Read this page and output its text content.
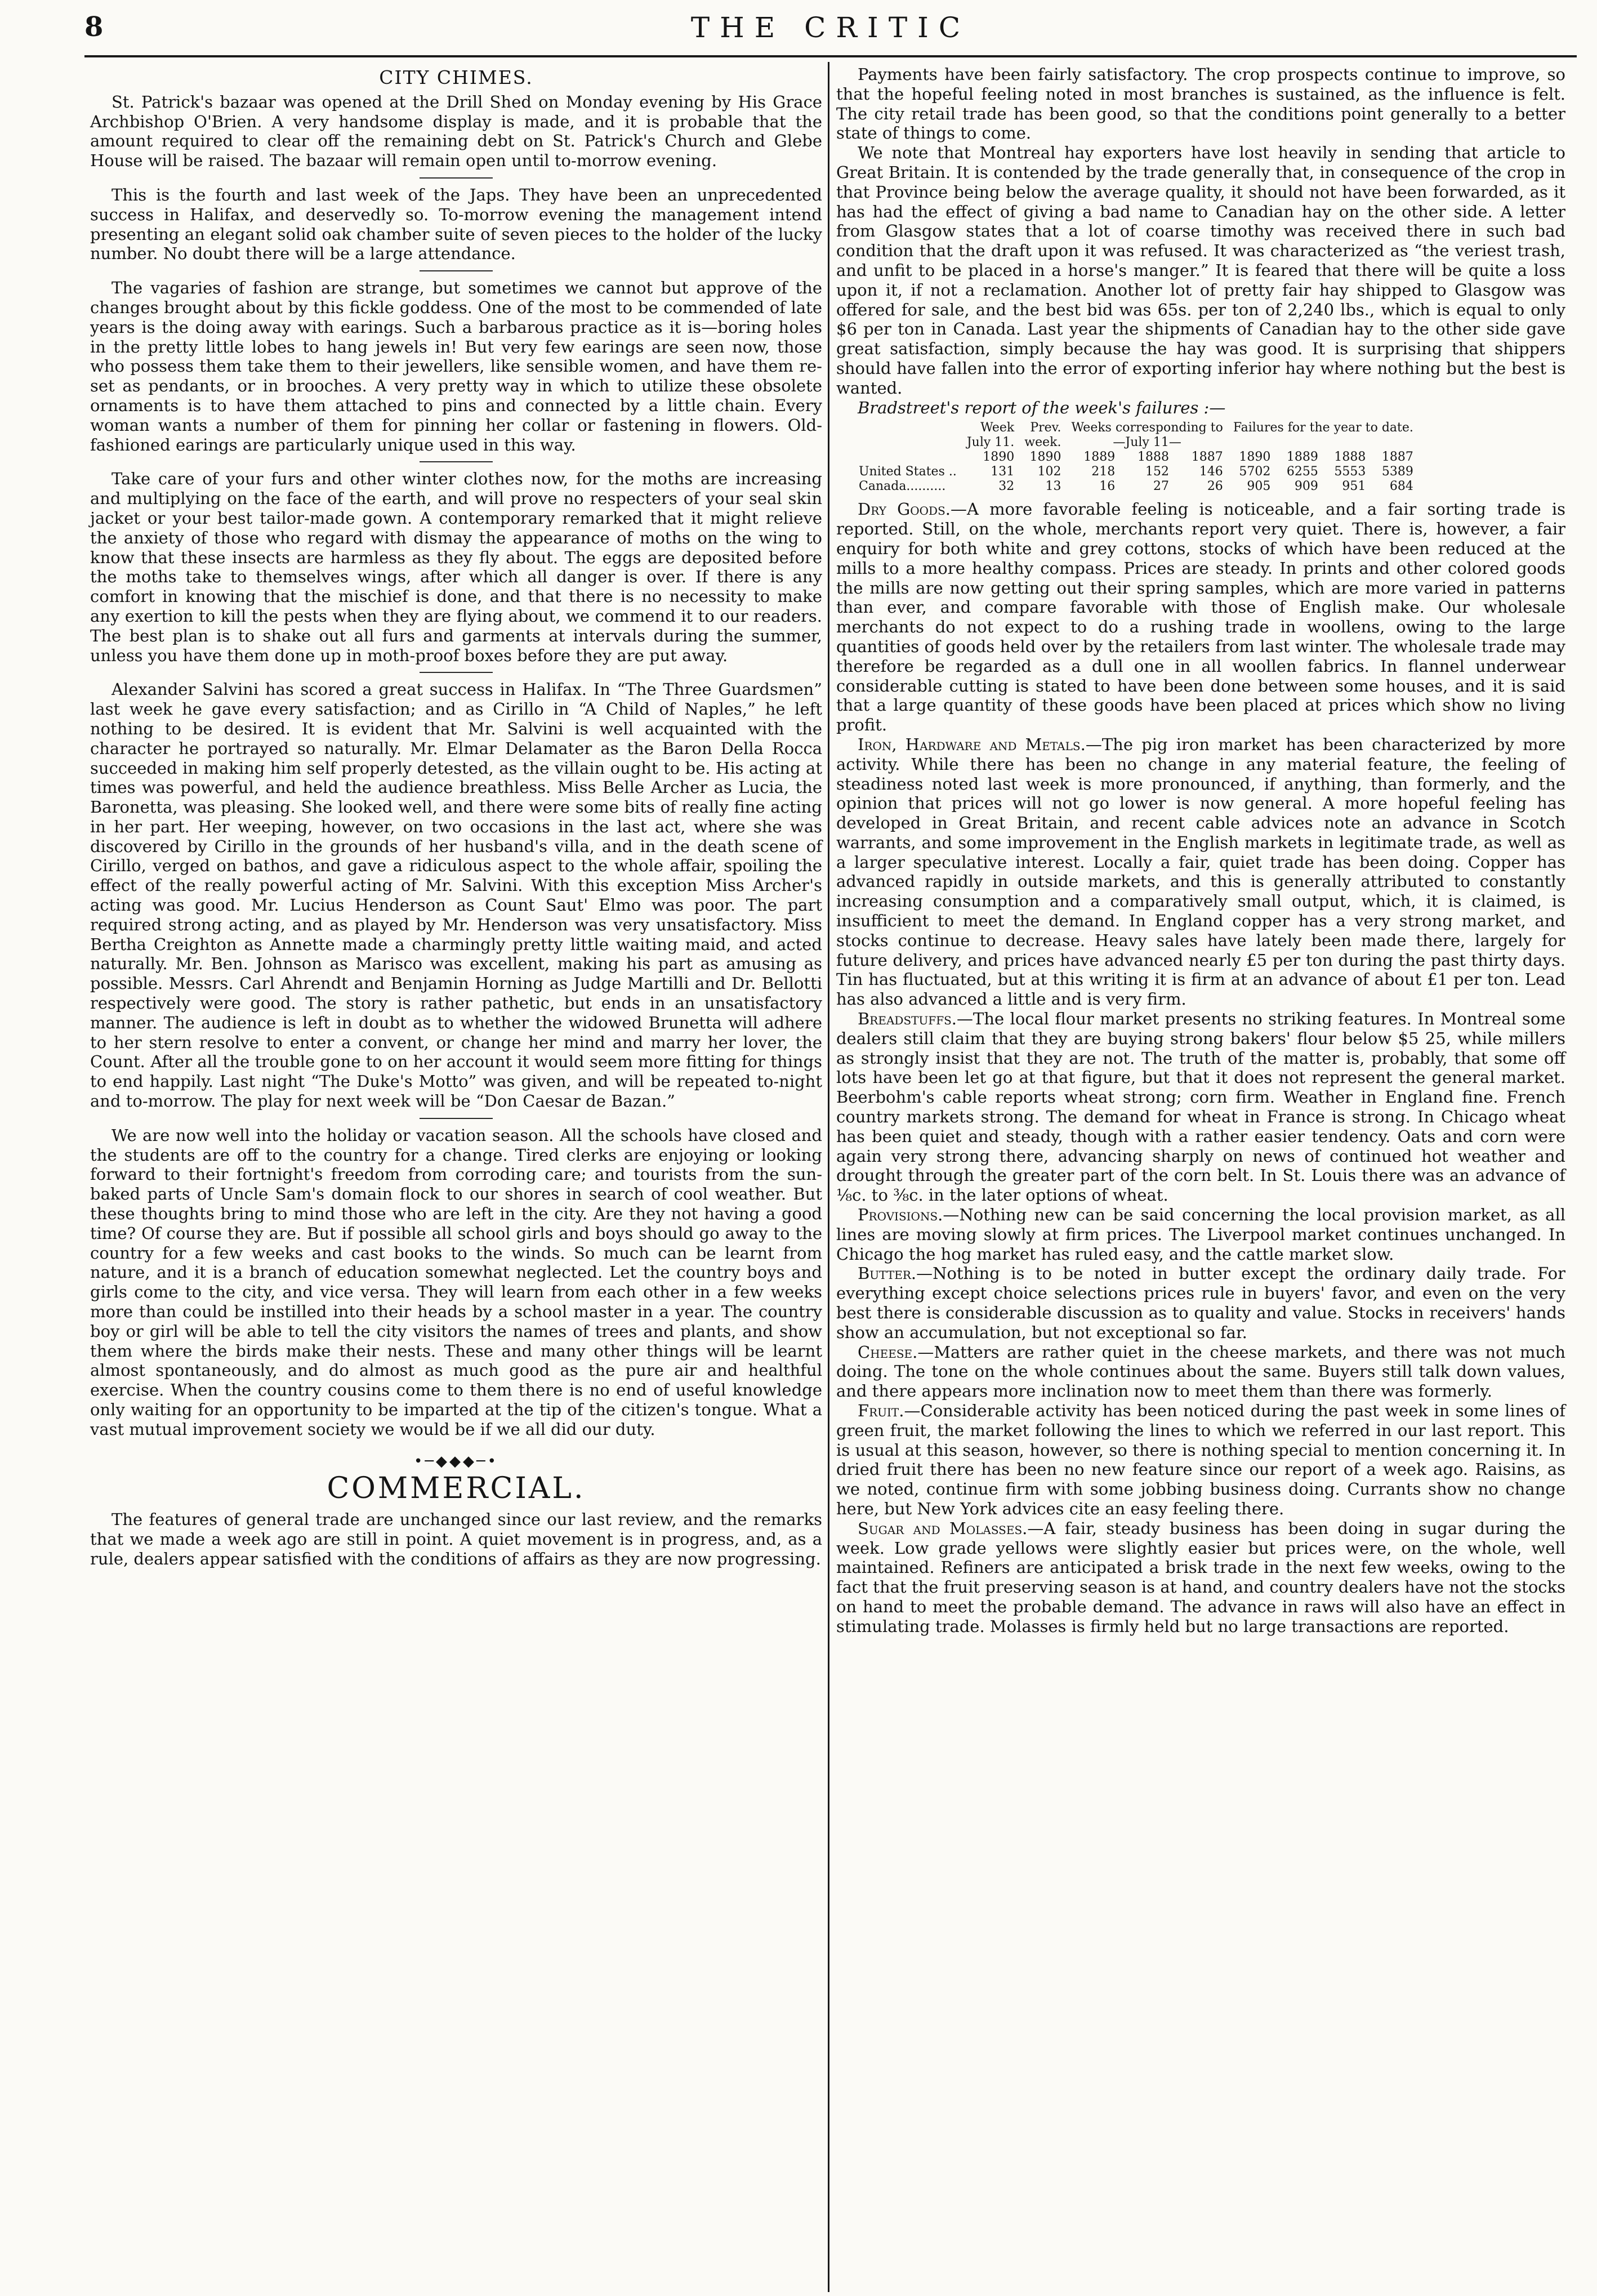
8	THE CRITIC
CITY CHIMES.

St. Patrick's bazaar was opened at the Drill Shed on Monday evening by His Grace Archbishop O'Brien. A very handsome display is made, and it is probable that the amount required to clear off the remaining debt on St. Patrick's Church and Glebe House will be raised. The bazaar will remain open until to-morrow evening.

This is the fourth and last week of the Japs. They have been an unprecedented success in Halifax, and deservedly so. To-morrow evening the management intend presenting an elegant solid oak chamber suite of seven pieces to the holder of the lucky number. No doubt there will be a large attendance.

The vagaries of fashion are strange, but sometimes we cannot but approve of the changes brought about by this fickle goddess. One of the most to be commended of late years is the doing away with earings. Such a barbarous practice as it is—boring holes in the pretty little lobes to hang jewels in! But very few earings are seen now, those who possess them take them to their jewellers, like sensible women, and have them re-set as pendants, or in brooches. A very pretty way in which to utilize these obsolete ornaments is to have them attached to pins and connected by a little chain. Every woman wants a number of them for pinning her collar or fastening in flowers. Old-fashioned earings are particularly unique used in this way.

Take care of your furs and other winter clothes now, for the moths are increasing and multiplying on the face of the earth, and will prove no respecters of your seal skin jacket or your best tailor-made gown. A contemporary remarked that it might relieve the anxiety of those who regard with dismay the appearance of moths on the wing to know that these insects are harmless as they fly about. The eggs are deposited before the moths take to themselves wings, after which all danger is over. If there is any comfort in knowing that the mischief is done, and that there is no necessity to make any exertion to kill the pests when they are flying about, we commend it to our readers. The best plan is to shake out all furs and garments at intervals during the summer, unless you have them done up in moth-proof boxes before they are put away.

Alexander Salvini has scored a great success in Halifax. In “The Three Guardsmen” last week he gave every satisfaction; and as Cirillo in “A Child of Naples,” he left nothing to be desired. It is evident that Mr. Salvini is well acquainted with the character he portrayed so naturally. Mr. Elmar Delamater as the Baron Della Rocca succeeded in making him self properly detested, as the villain ought to be. His acting at times was powerful, and held the audience breathless. Miss Belle Archer as Lucia, the Baronetta, was pleasing. She looked well, and there were some bits of really fine acting in her part. Her weeping, however, on two occasions in the last act, where she was discovered by Cirillo in the grounds of her husband's villa, and in the death scene of Cirillo, verged on bathos, and gave a ridiculous aspect to the whole affair, spoiling the effect of the really powerful acting of Mr. Salvini. With this exception Miss Archer's acting was good. Mr. Lucius Henderson as Count Saut' Elmo was poor. The part required strong acting, and as played by Mr. Henderson was very unsatisfactory. Miss Bertha Creighton as Annette made a charmingly pretty little waiting maid, and acted naturally. Mr. Ben. Johnson as Marisco was excellent, making his part as amusing as possible. Messrs. Carl Ahrendt and Benjamin Horning as Judge Martilli and Dr. Bellotti respectively were good. The story is rather pathetic, but ends in an unsatisfactory manner. The audience is left in doubt as to whether the widowed Brunetta will adhere to her stern resolve to enter a convent, or change her mind and marry her lover, the Count. After all the trouble gone to on her account it would seem more fitting for things to end happily. Last night “The Duke's Motto” was given, and will be repeated to-night and to-morrow. The play for next week will be “Don Caesar de Bazan.”

We are now well into the holiday or vacation season. All the schools have closed and the students are off to the country for a change. Tired clerks are enjoying or looking forward to their fortnight's freedom from corroding care; and tourists from the sun-baked parts of Uncle Sam's domain flock to our shores in search of cool weather. But these thoughts bring to mind those who are left in the city. Are they not having a good time? Of course they are. But if possible all school girls and boys should go away to the country for a few weeks and cast books to the winds. So much can be learnt from nature, and it is a branch of education somewhat neglected. Let the country boys and girls come to the city, and vice versa. They will learn from each other in a few weeks more than could be instilled into their heads by a school master in a year. The country boy or girl will be able to tell the city visitors the names of trees and plants, and show them where the birds make their nests. These and many other things will be learnt almost spontaneously, and do almost as much good as the pure air and healthful exercise. When the country cousins come to them there is no end of useful knowledge only waiting for an opportunity to be imparted at the tip of the citizen's tongue. What a vast mutual improvement society we would be if we all did our duty.

•─◆◆◆─•
COMMERCIAL.

The features of general trade are unchanged since our last review, and the remarks that we made a week ago are still in point. A quiet movement is in progress, and, as a rule, dealers appear satisfied with the conditions of affairs as they are now progressing.

Payments have been fairly satisfactory. The crop prospects continue to improve, so that the hopeful feeling noted in most branches is sustained, as the influence is felt. The city retail trade has been good, so that the conditions point generally to a better state of things to come.

We note that Montreal hay exporters have lost heavily in sending that article to Great Britain. It is contended by the trade generally that, in consequence of the crop in that Province being below the average quality, it should not have been forwarded, as it has had the effect of giving a bad name to Canadian hay on the other side. A letter from Glasgow states that a lot of coarse timothy was received there in such bad condition that the draft upon it was refused. It was characterized as “the veriest trash, and unfit to be placed in a horse's manger.” It is feared that there will be quite a loss upon it, if not a reclamation. Another lot of pretty fair hay shipped to Glasgow was offered for sale, and the best bid was 65s. per ton of 2,240 lbs., which is equal to only $6 per ton in Canada. Last year the shipments of Canadian hay to the other side gave great satisfaction, simply because the hay was good. It is surprising that shippers should have fallen into the error of exporting inferior hay where nothing but the best is wanted.

Bradstreet's report of the week's failures :—

	Week	Prev.	Weeks corresponding to			Failures for the year to date.			
	July 11.	week.	—July 11—						
	1890	1890	1889	1888	1887	1890	1889	1888	1887
United States ..	131	102	218	152	146	5702	6255	5553	5389
Canada..........	32	13	16	27	26	905	909	951	684

Dry Goods.—A more favorable feeling is noticeable, and a fair sorting trade is reported. Still, on the whole, merchants report very quiet. There is, however, a fair enquiry for both white and grey cottons, stocks of which have been reduced at the mills to a more healthy compass. Prices are steady. In prints and other colored goods the mills are now getting out their spring samples, which are more varied in patterns than ever, and compare favorable with those of English make. Our wholesale merchants do not expect to do a rushing trade in woollens, owing to the large quantities of goods held over by the retailers from last winter. The wholesale trade may therefore be regarded as a dull one in all woollen fabrics. In flannel underwear considerable cutting is stated to have been done between some houses, and it is said that a large quantity of these goods have been placed at prices which show no living profit.

Iron, Hardware and Metals.—The pig iron market has been characterized by more activity. While there has been no change in any material feature, the feeling of steadiness noted last week is more pronounced, if anything, than formerly, and the opinion that prices will not go lower is now general. A more hopeful feeling has developed in Great Britain, and recent cable advices note an advance in Scotch warrants, and some improvement in the English markets in legitimate trade, as well as a larger speculative interest. Locally a fair, quiet trade has been doing. Copper has advanced rapidly in outside markets, and this is generally attributed to constantly increasing consumption and a comparatively small output, which, it is claimed, is insufficient to meet the demand. In England copper has a very strong market, and stocks continue to decrease. Heavy sales have lately been made there, largely for future delivery, and prices have advanced nearly £5 per ton during the past thirty days. Tin has fluctuated, but at this writing it is firm at an advance of about £1 per ton. Lead has also advanced a little and is very firm.

Breadstuffs.—The local flour market presents no striking features. In Montreal some dealers still claim that they are buying strong bakers' flour below $5 25, while millers as strongly insist that they are not. The truth of the matter is, probably, that some off lots have been let go at that figure, but that it does not represent the general market. Beerbohm's cable reports wheat strong; corn firm. Weather in England fine. French country markets strong. The demand for wheat in France is strong. In Chicago wheat has been quiet and steady, though with a rather easier tendency. Oats and corn were again very strong there, advancing sharply on news of continued hot weather and drought through the greater part of the corn belt. In St. Louis there was an advance of ⅛c. to ⅜c. in the later options of wheat.

Provisions.—Nothing new can be said concerning the local provision market, as all lines are moving slowly at firm prices. The Liverpool market continues unchanged. In Chicago the hog market has ruled easy, and the cattle market slow.

Butter.—Nothing is to be noted in butter except the ordinary daily trade. For everything except choice selections prices rule in buyers' favor, and even on the very best there is considerable discussion as to quality and value. Stocks in receivers' hands show an accumulation, but not exceptional so far.

Cheese.—Matters are rather quiet in the cheese markets, and there was not much doing. The tone on the whole continues about the same. Buyers still talk down values, and there appears more inclination now to meet them than there was formerly.

Fruit.—Considerable activity has been noticed during the past week in some lines of green fruit, the market following the lines to which we referred in our last report. This is usual at this season, however, so there is nothing special to mention concerning it. In dried fruit there has been no new feature since our report of a week ago. Raisins, as we noted, continue firm with some jobbing business doing. Currants show no change here, but New York advices cite an easy feeling there.

Sugar and Molasses.—A fair, steady business has been doing in sugar during the week. Low grade yellows were slightly easier but prices were, on the whole, well maintained. Refiners are anticipated a brisk trade in the next few weeks, owing to the fact that the fruit preserving season is at hand, and country dealers have not the stocks on hand to meet the probable demand. The advance in raws will also have an effect in stimulating trade. Molasses is firmly held but no large transactions are reported.
